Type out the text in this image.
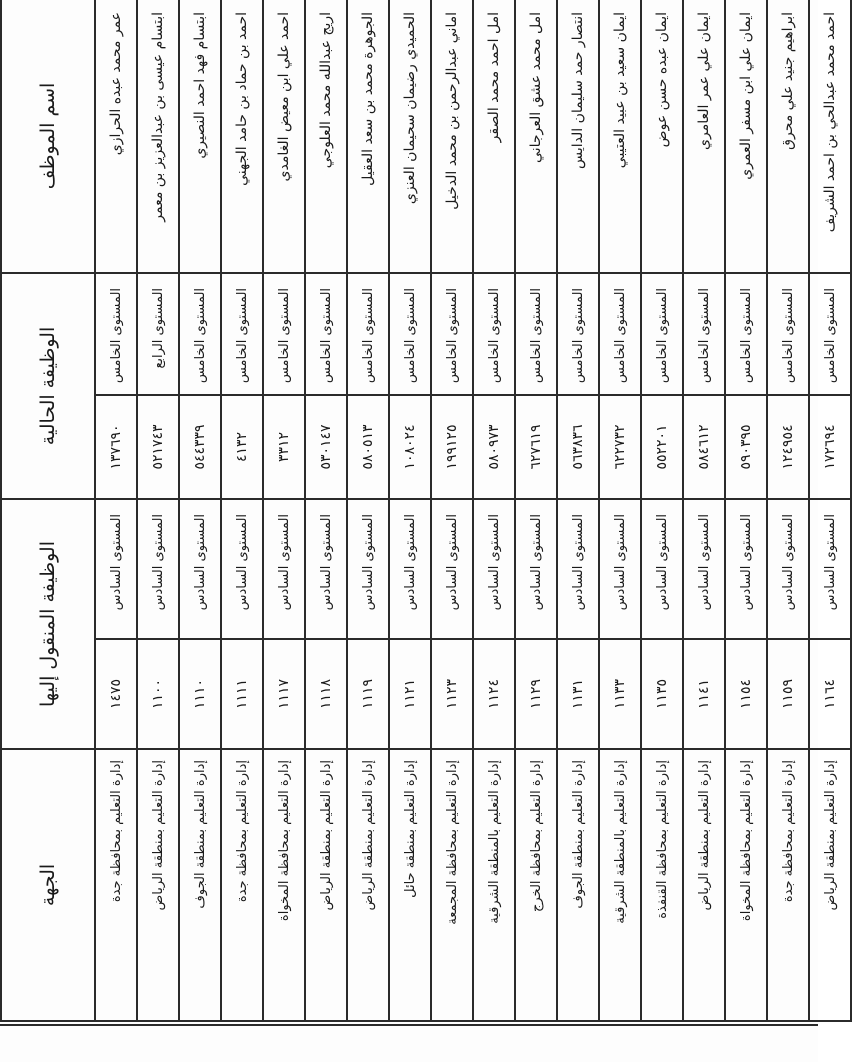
اسم الموظف	الوظيفة الحالية		الوظيفة المنقول إليها		الجهة
عمر محمد عبده الحرازي	المستوى الخامس	١٣٧٦٩٠	المستوى السادس	١٤٧٥	إدارة التعليم بمحافظة جدة
ابتسام عيسى بن عبدالعزيز بن معمر	المستوى الرابع	٥٢١٧٤٣	المستوى السادس	١١٠٠	إدارة التعليم بمنطقة الرياض
ابتسام فهد احمد النصيري	المستوى الخامس	٥٤٤٣٣٩	المستوى السادس	١١١٠	إدارة التعليم بمنطقة الجوف
احمد بن حماد بن حامد الجهني	المستوى الخامس	٤١٣٢	المستوى السادس	١١١١	إدارة التعليم بمحافظة جدة
احمد علي ابن معيض الغامدي	المستوى الخامس	٣٣١٢	المستوى السادس	١١١٧	إدارة التعليم بمحافظة المخواة
اريج عبدالله محمد العلوجي	المستوى الخامس	٥٣٠١٤٧	المستوى السادس	١١١٨	إدارة التعليم بمنطقة الرياض
الجوهرة محمد بن سعد العقيل	المستوى الخامس	٥٨٠٥١٣	المستوى السادس	١١١٩	إدارة التعليم بمنطقة الرياض
الحميدي رضيمان سحيمان العنزي	المستوى الخامس	١٠٨٠٢٤	المستوى السادس	١١٢١	إدارة التعليم بمنطقة حائل
اماني عبدالرحمن بن محمد الدخيل	المستوى الخامس	١٩٩١٢٥	المستوى السادس	١١٢٣	إدارة التعليم بمحافظة المجمعة
امل احمد محمد الصقر	المستوى الخامس	٥٨٠٩٧٣	المستوى السادس	١١٢٤	إدارة التعليم بالمنطقة الشرقية
امل محمد عشق العرجاني	المستوى الخامس	٦٢٧٦١٩	المستوى السادس	١١٢٩	إدارة التعليم بمحافظة الخرج
انتصار حمد سليمان الدايس	المستوى الخامس	٥٦٣٨٣٦	المستوى السادس	١١٣١	إدارة التعليم بمنطقة الجوف
ايمان سعيد بن عبيد العتيبي	المستوى الخامس	٦٢٢٧٣٢	المستوى السادس	١١٣٣	إدارة التعليم بالمنطقة الشرقية
ايمان عبده حسن عوض	المستوى الخامس	٥٥٢٢٠١	المستوى السادس	١١٣٥	إدارة التعليم بمحافظة القنفذة
ايمان علي عمر العامري	المستوى الخامس	٥٨٤٦١٢	المستوى السادس	١١٤١	إدارة التعليم بمنطقة الرياض
ايمان علي ابن مسفر العمري	المستوى الخامس	٥٩٠٣٩٥	المستوى السادس	١١٥٤	إدارة التعليم بمحافظة المخواة
ابراهيم جنيد علي محرق	المستوى الخامس	١٢٤٩٥٤	المستوى السادس	١١٥٩	إدارة التعليم بمحافظة جدة
احمد محمد عبدالحي بن احمد الشريف	المستوى الخامس	١٧٢٦٩٤	المستوى السادس	١١٦٤	إدارة التعليم بمنطقة الرياض
